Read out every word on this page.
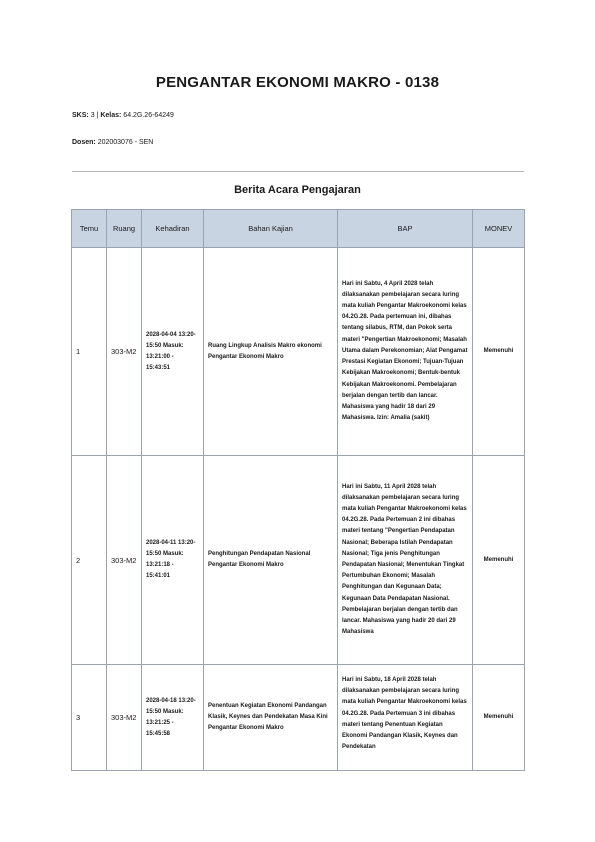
PENGANTAR EKONOMI MAKRO - 0138
SKS: 3 | Kelas: 64.2G.26-64249
Dosen: 202003076 - SEN
Berita Acara Pengajaran
Temu	Ruang	Kehadiran	Bahan Kajian	BAP	MONEV
1	303-M2	2028-04-04 13:20-15:50 Masuk: 13:21:00 - 15:43:51	Ruang Lingkup Analisis Makro ekonomi Pengantar Ekonomi Makro	Hari ini Sabtu, 4 April 2028 telah dilaksanakan pembelajaran secara luring mata kuliah Pengantar Makroekonomi kelas 04.2G.28. Pada pertemuan ini, dibahas tentang silabus, RTM, dan Pokok serta materi "Pengertian Makroekonomi; Masalah Utama dalam Perekonomian; Alat Pengamat Prestasi Kegiatan Ekonomi; Tujuan-Tujuan Kebijakan Makroekonomi; Bentuk-bentuk Kebijakan Makroekonomi. Pembelajaran berjalan dengan tertib dan lancar. Mahasiswa yang hadir 18 dari 29 Mahasiswa. Izin: Amalia (sakit)	Memenuhi
2	303-M2	2028-04-11 13:20-15:50 Masuk: 13:21:18 - 15:41:01	Penghitungan Pendapatan Nasional Pengantar Ekonomi Makro	Hari ini Sabtu, 11 April 2028 telah dilaksanakan pembelajaran secara luring mata kuliah Pengantar Makroekonomi kelas 04.2G.28. Pada Pertemuan 2 ini dibahas materi tentang "Pengertian Pendapatan Nasional; Beberapa Istilah Pendapatan Nasional; Tiga jenis Penghitungan Pendapatan Nasional; Menentukan Tingkat Pertumbuhan Ekonomi; Masalah Penghitungan dan Kegunaan Data; Kegunaan Data Pendapatan Nasional. Pembelajaran berjalan dengan tertib dan lancar. Mahasiswa yang hadir 20 dari 29 Mahasiswa	Memenuhi
3	303-M2	2028-04-18 13:20-15:50 Masuk: 13:21:25 - 15:45:58	Penentuan Kegiatan Ekonomi Pandangan Klasik, Keynes dan Pendekatan Masa Kini Pengantar Ekonomi Makro	Hari ini Sabtu, 18 April 2028 telah dilaksanakan pembelajaran secara luring mata kuliah Pengantar Makroekonomi kelas 04.2G.28. Pada Pertemuan 3 ini dibahas materi tentang Penentuan Kegiatan Ekonomi Pandangan Klasik, Keynes dan Pendekatan	Memenuhi
